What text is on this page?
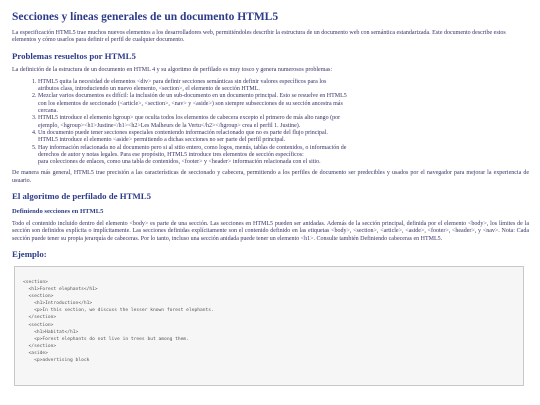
Secciones y líneas generales de un documento HTML5

La especificación HTML5 trae muchos nuevos elementos a los desarrolladores web, permitiéndoles describir la estructura de un documento web con semántica estandarizada. Este documento describe estos elementos y cómo usarlos para definir el perfil de cualquier documento.

Problemas resueltos por HTML5

La definición de la estructura de un documento en HTML 4 y su algoritmo de perfilado es muy tosco y genera numerosos problemas:

1. HTML5 quita la necesidad de elementos <div> para definir secciones semánticas sin definir valores específicos para los
atributos class, introduciendo un nuevo elemento, <section>, el elemento de sección HTML.
2. Mezclar varios documentos es difícil: la inclusión de un sub-documento en un documento principal. Esto se resuelve en HTML5
con los elementos de seccionado (<article>, <section>, <nav> y <aside>) son siempre subsecciones de su sección ancestra más
cercana.
3. HTML5 introduce el elemento hgroup> que oculta todos los elementos de cabecera excepto el primero de más alto rango (por
ejemplo, <hgroup><h1>Justine</h1><h2>Les Malheurs de la Vertu</h2></hgroup> crea el perfil 1. Justine).
4. Un documento puede tener secciones especiales conteniendo información relacionado que no es parte del flujo principal.
HTML5 introduce el elemento <aside> permitiendo a dichas secciones no ser parte del perfil principal.
5. Hay información relacionada no al documento pero si al sitio entero, como logos, menús, tablas de contenidos, o información de
derechos de autor y notas legales. Para ese propósito, HTML5 introduce tres elementos de sección específicos:
para colecciones de enlaces, como una tabla de contenidos, <footer> y <header> información relacionada con el sitio.

De manera más general, HTML5 trae precisión a las características de seccionado y cabecera, permitiendo a los perfiles de documento ser predecibles y usados por el navegador para mejorar la experiencia de usuario.

El algoritmo de perfilado de HTML5
Definiendo secciones en HTML5

Todo el contenido incluido dentro del elemento <body> es parte de una sección. Las secciones en HTML5 pueden ser anidadas. Además de la sección principal, definida por el elemento <body>, los límites de la sección son definidos explícita o implícitamente. Las secciones definidas explícitamente son el contenido definido en las etiquetas <body>, <section>, <article>, <aside>, <footer>, <header>, y <nav>. Nota: Cada sección puede tener su propia jerarquía de cabeceras. Por lo tanto, incluso una sección anidada puede tener un elemento <h1>. Consulte también Definiendo cabeceras en HTML5.

Ejemplo:
<section>
<h1>Forest elephants</h1>
<section>
<h1>Introduction</h1>
<p>In this section, we discuss the lesser known forest elephants.
</section>
<section>
<h1>Habitat</h1>
<p>Forest elephants do not live in trees but among them.
</section>
<aside>
<p>advertising block
